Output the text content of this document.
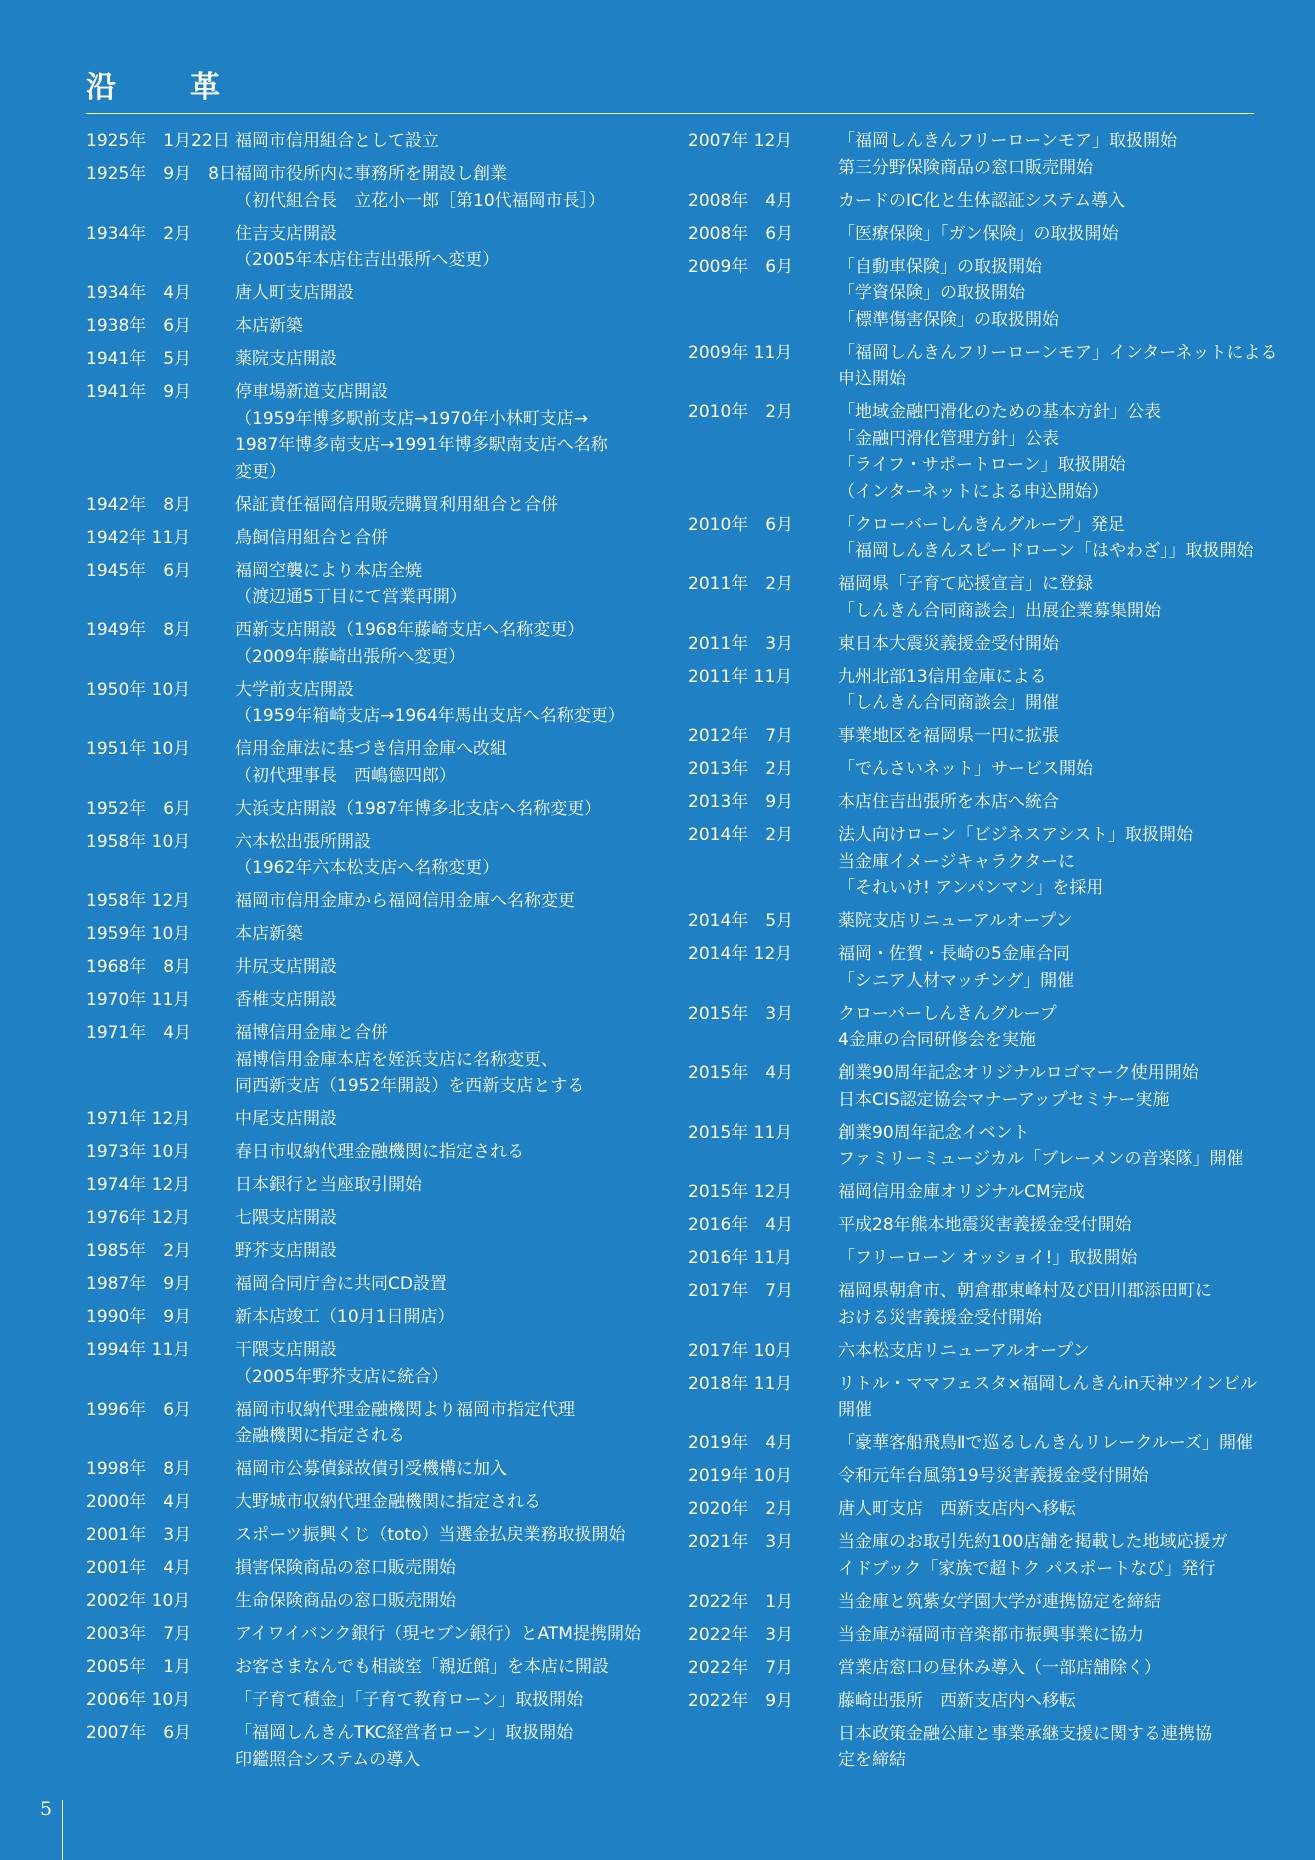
沿　革
1925年　1月22日 福岡市信用組合として設立
1925年　9月　8日 福岡市役所内に事務所を開設し創業
（初代組合長　立花小一郎［第10代福岡市長］）
1934年　2月	住吉支店開設
（2005年本店住吉出張所へ変更）
1934年　4月	唐人町支店開設
1938年　6月	本店新築
1941年　5月	薬院支店開設
1941年　9月	停車場新道支店開設
（1959年博多駅前支店→1970年小林町支店→
1987年博多南支店→1991年博多駅南支店へ名称
変更）
1942年　8月	保証責任福岡信用販売購買利用組合と合併
1942年 11月	鳥飼信用組合と合併
1945年　6月	福岡空襲により本店全焼
（渡辺通5丁目にて営業再開）
1949年　8月	西新支店開設（1968年藤崎支店へ名称変更）
（2009年藤崎出張所へ変更）
1950年 10月	大学前支店開設
（1959年箱崎支店→1964年馬出支店へ名称変更）
1951年 10月	信用金庫法に基づき信用金庫へ改組
（初代理事長　西嶋德四郎）
1952年　6月	大浜支店開設（1987年博多北支店へ名称変更）
1958年 10月	六本松出張所開設
（1962年六本松支店へ名称変更）
1958年 12月	福岡市信用金庫から福岡信用金庫へ名称変更
1959年 10月	本店新築
1968年　8月	井尻支店開設
1970年 11月	香椎支店開設
1971年　4月	福博信用金庫と合併
福博信用金庫本店を姪浜支店に名称変更、
同西新支店（1952年開設）を西新支店とする
1971年 12月	中尾支店開設
1973年 10月	春日市収納代理金融機関に指定される
1974年 12月	日本銀行と当座取引開始
1976年 12月	七隈支店開設
1985年　2月	野芥支店開設
1987年　9月	福岡合同庁舎に共同CD設置
1990年　9月	新本店竣工（10月1日開店）
1994年 11月	干隈支店開設
（2005年野芥支店に統合）
1996年　6月	福岡市収納代理金融機関より福岡市指定代理
金融機関に指定される
1998年　8月	福岡市公募債録故債引受機構に加入
2000年　4月	大野城市収納代理金融機関に指定される
2001年　3月	スポーツ振興くじ（toto）当選金払戻業務取扱開始
2001年　4月	損害保険商品の窓口販売開始
2002年 10月	生命保険商品の窓口販売開始
2003年　7月	アイワイバンク銀行（現セブン銀行）とATM提携開始
2005年　1月	お客さまなんでも相談室「親近館」を本店に開設
2006年 10月	「子育て積金」「子育て教育ローン」取扱開始
2007年　6月	「福岡しんきんTKC経営者ローン」取扱開始
印鑑照合システムの導入
2007年 12月	「福岡しんきんフリーローンモア」取扱開始
第三分野保険商品の窓口販売開始
2008年　4月	カードのIC化と生体認証システム導入
2008年　6月	「医療保険」「ガン保険」の取扱開始
2009年　6月	「自動車保険」の取扱開始
「学資保険」の取扱開始
「標準傷害保険」の取扱開始
2009年 11月	「福岡しんきんフリーローンモア」インターネットによる
申込開始
2010年　2月	「地域金融円滑化のための基本方針」公表
「金融円滑化管理方針」公表
「ライフ・サポートローン」取扱開始
（インターネットによる申込開始）
2010年　6月	「クローバーしんきんグループ」発足
「福岡しんきんスピードローン「はやわざ」」取扱開始
2011年　2月	福岡県「子育て応援宣言」に登録
「しんきん合同商談会」出展企業募集開始
2011年　3月	東日本大震災義援金受付開始
2011年 11月	九州北部13信用金庫による
「しんきん合同商談会」開催
2012年　7月	事業地区を福岡県一円に拡張
2013年　2月	「でんさいネット」サービス開始
2013年　9月	本店住吉出張所を本店へ統合
2014年　2月	法人向けローン「ビジネスアシスト」取扱開始
当金庫イメージキャラクターに
「それいけ! アンパンマン」を採用
2014年　5月	薬院支店リニューアルオープン
2014年 12月	福岡・佐賀・長崎の5金庫合同
「シニア人材マッチング」開催
2015年　3月	クローバーしんきんグループ
4金庫の合同研修会を実施
2015年　4月	創業90周年記念オリジナルロゴマーク使用開始
日本CIS認定協会マナーアップセミナー実施
2015年 11月	創業90周年記念イベント
ファミリーミュージカル「ブレーメンの音楽隊」開催
2015年 12月	福岡信用金庫オリジナルCM完成
2016年　4月	平成28年熊本地震災害義援金受付開始
2016年 11月	「フリーローン オッショイ!」取扱開始
2017年　7月	福岡県朝倉市、朝倉郡東峰村及び田川郡添田町に
おける災害義援金受付開始
2017年 10月	六本松支店リニューアルオープン
2018年 11月	リトル・ママフェスタ×福岡しんきんin天神ツインビル
開催
2019年　4月	「豪華客船飛鳥Ⅱで巡るしんきんリレークルーズ」開催
2019年 10月	令和元年台風第19号災害義援金受付開始
2020年　2月	唐人町支店　西新支店内へ移転
2021年　3月	当金庫のお取引先約100店舗を掲載した地域応援ガ
イドブック「家族で超トク パスポートなび」発行
2022年　1月	当金庫と筑紫女学園大学が連携協定を締結
2022年　3月	当金庫が福岡市音楽都市振興事業に協力
2022年　7月	営業店窓口の昼休み導入（一部店舗除く）
2022年　9月	藤崎出張所　西新支店内へ移転
日本政策金融公庫と事業承継支援に関する連携協
定を締結
5
